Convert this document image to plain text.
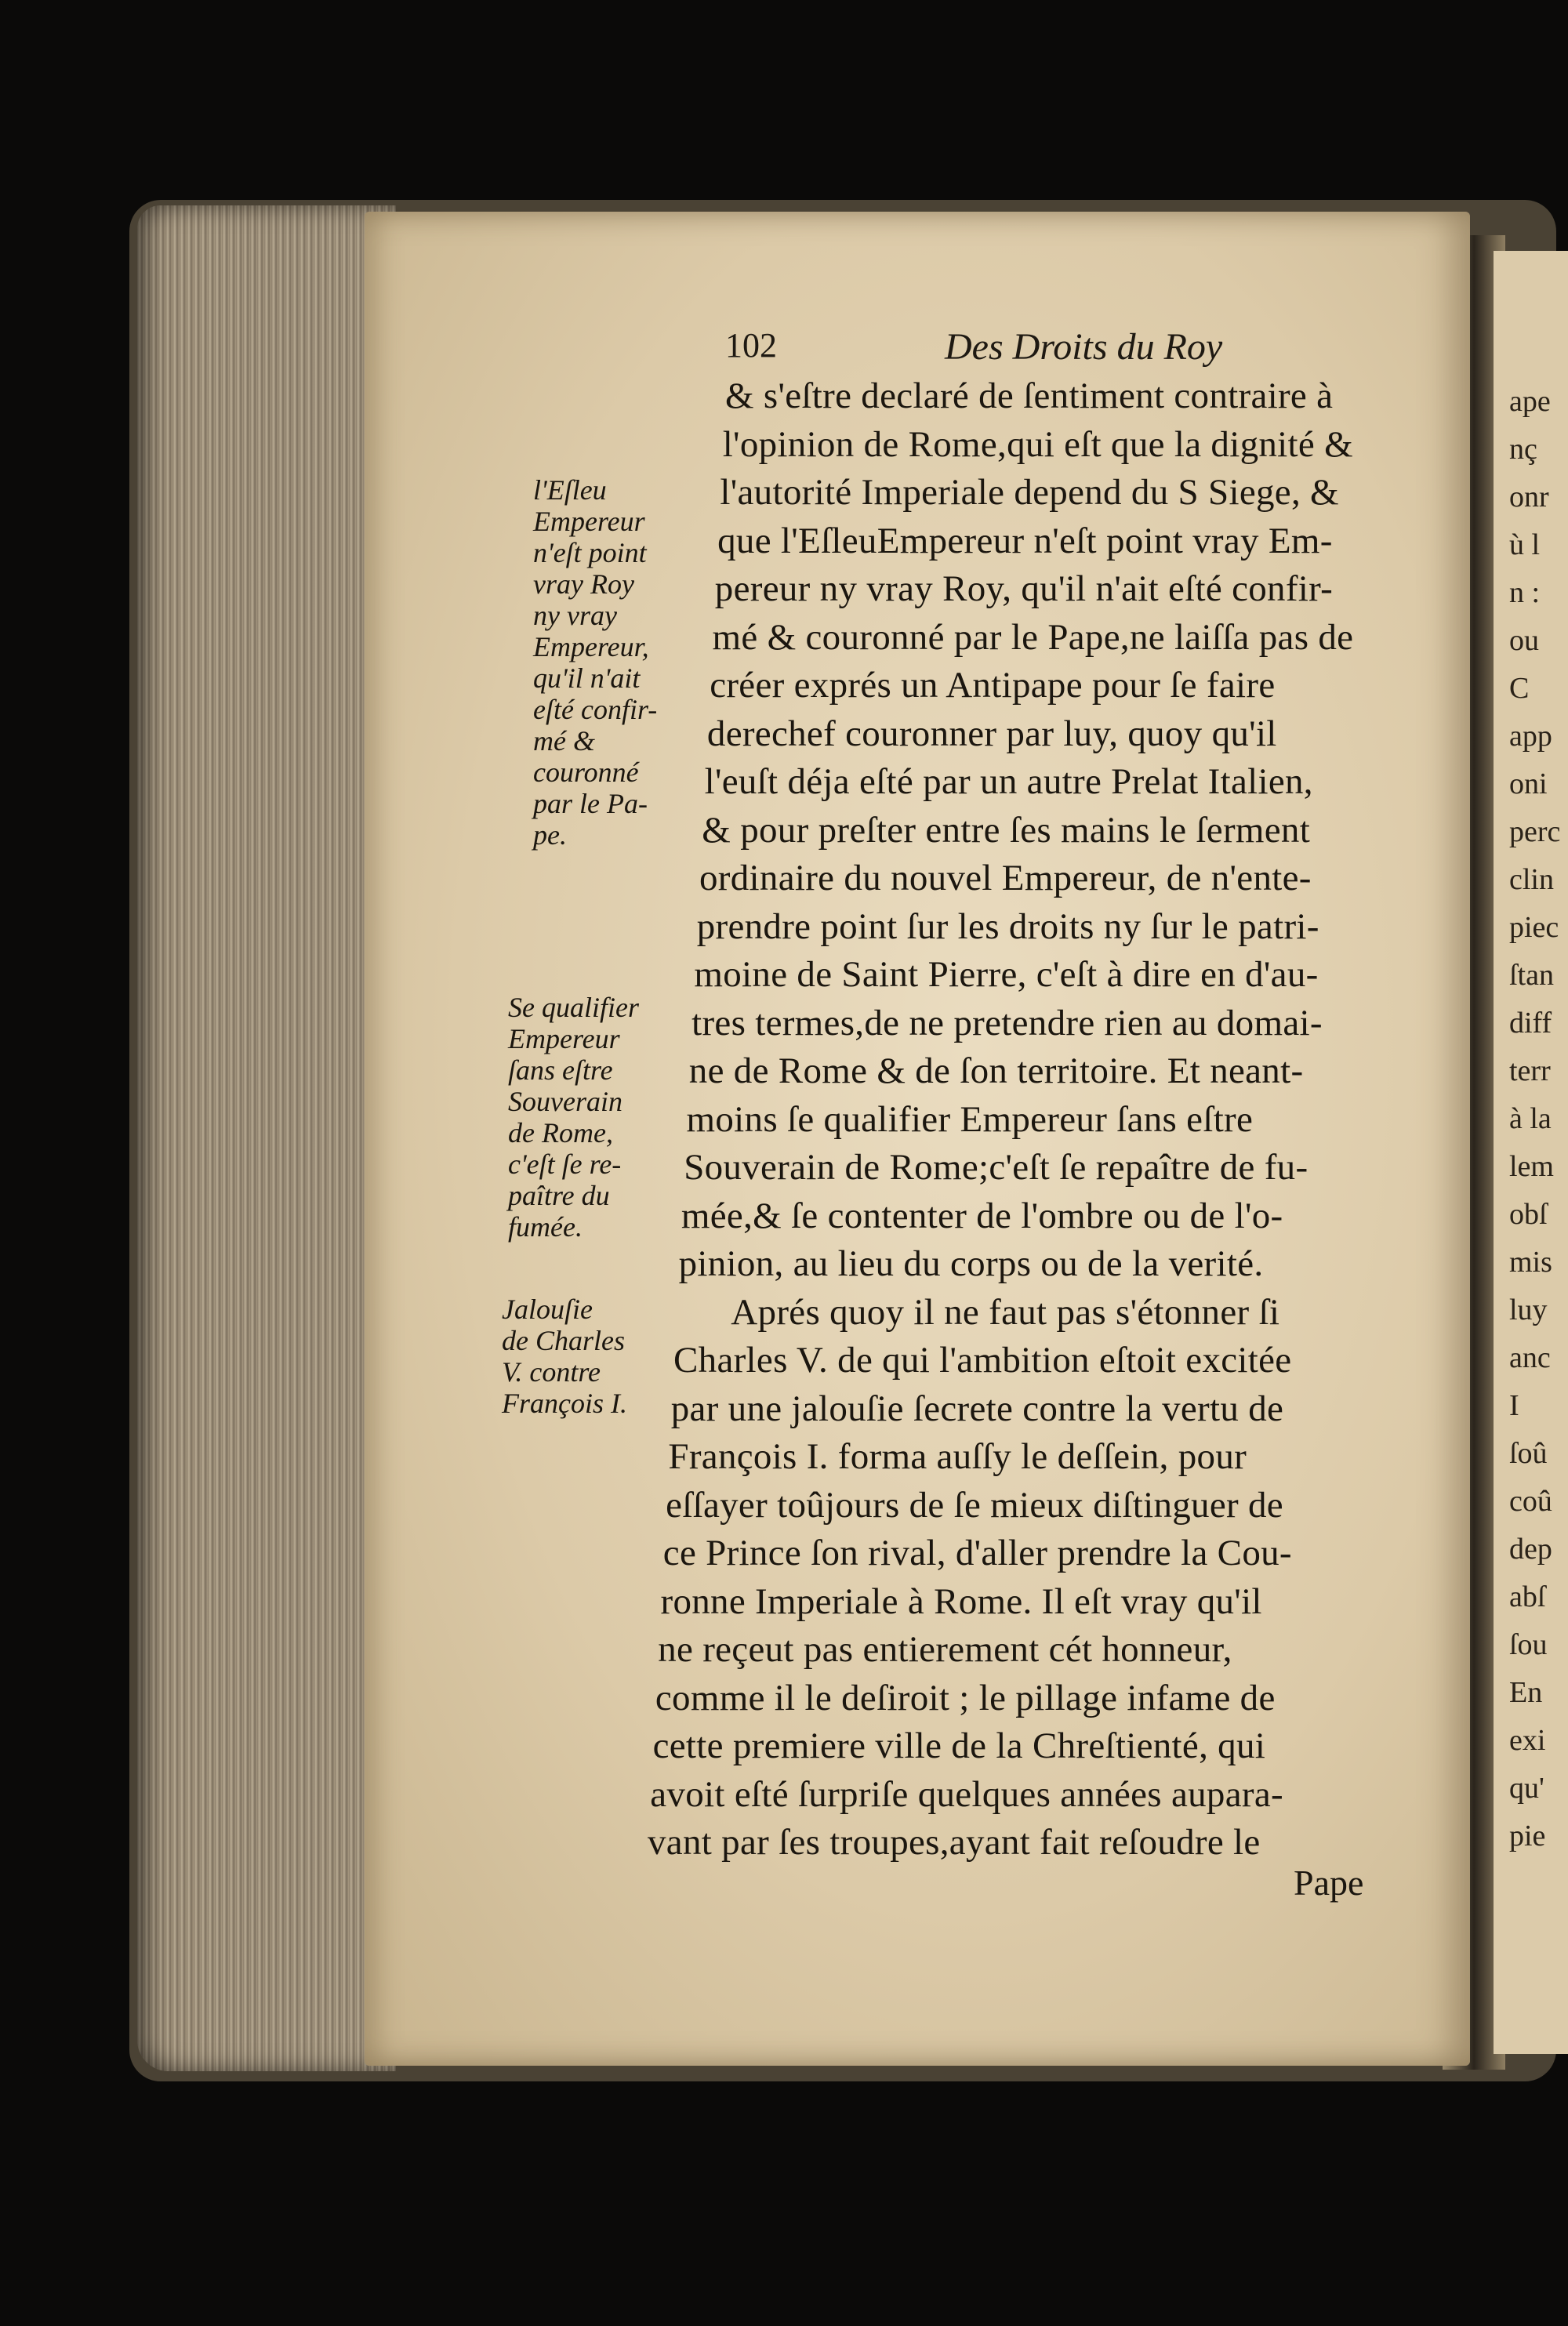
ape
nç
onr
ù l
n :
ou
C
app
oni
perc
clin
piec
ſtan
diff
terr
à la
lem
obſ
mis
luy
anc
I
ſoû
coû
dep
abſ
ſou
En
exi
qu'
pie
102	Des Droits du Roy
& s'eſtre declaré de ſentiment contraire à
l'opinion de Rome,qui eſt que la dignité &
l'autorité Imperiale depend du S Siege, &
que l'EſleuEmpereur n'eſt point vray Em-
pereur ny vray Roy, qu'il n'ait eſté confir-
mé & couronné par le Pape,ne laiſſa pas de
créer exprés un Antipape pour ſe faire
derechef couronner par luy, quoy qu'il
l'euſt déja eſté par un autre Prelat Italien,
& pour preſter entre ſes mains le ſerment
ordinaire du nouvel Empereur, de n'ente-
prendre point ſur les droits ny ſur le patri-
moine de Saint Pierre, c'eſt à dire en d'au-
tres termes,de ne pretendre rien au domai-
ne de Rome & de ſon territoire. Et neant-
moins ſe qualifier Empereur ſans eſtre
Souverain de Rome;c'eſt ſe repaître de fu-
mée,& ſe contenter de l'ombre ou de l'o-
pinion, au lieu du corps ou de la verité.
Aprés quoy il ne faut pas s'étonner ſi
Charles V. de qui l'ambition eſtoit excitée
par une jalouſie ſecrete contre la vertu de
François I. forma auſſy le deſſein, pour
eſſayer toûjours de ſe mieux diſtinguer de
ce Prince ſon rival, d'aller prendre la Cou-
ronne Imperiale à Rome. Il eſt vray qu'il
ne reçeut pas entierement cét honneur,
comme il le deſiroit ; le pillage infame de
cette premiere ville de la Chreſtienté, qui
avoit eſté ſurpriſe quelques années aupara-
vant par ſes troupes,ayant fait reſoudre le
l'Eſleu
Empereur
n'eſt point
vray Roy
ny vray
Empereur,
qu'il n'ait
eſté confir-
mé &
couronné
par le Pa-
pe.
Se qualifier
Empereur
ſans eſtre
Souverain
de Rome,
c'eſt ſe re-
paître du
fumée.
Jalouſie
de Charles
V. contre
François I.
Pape
